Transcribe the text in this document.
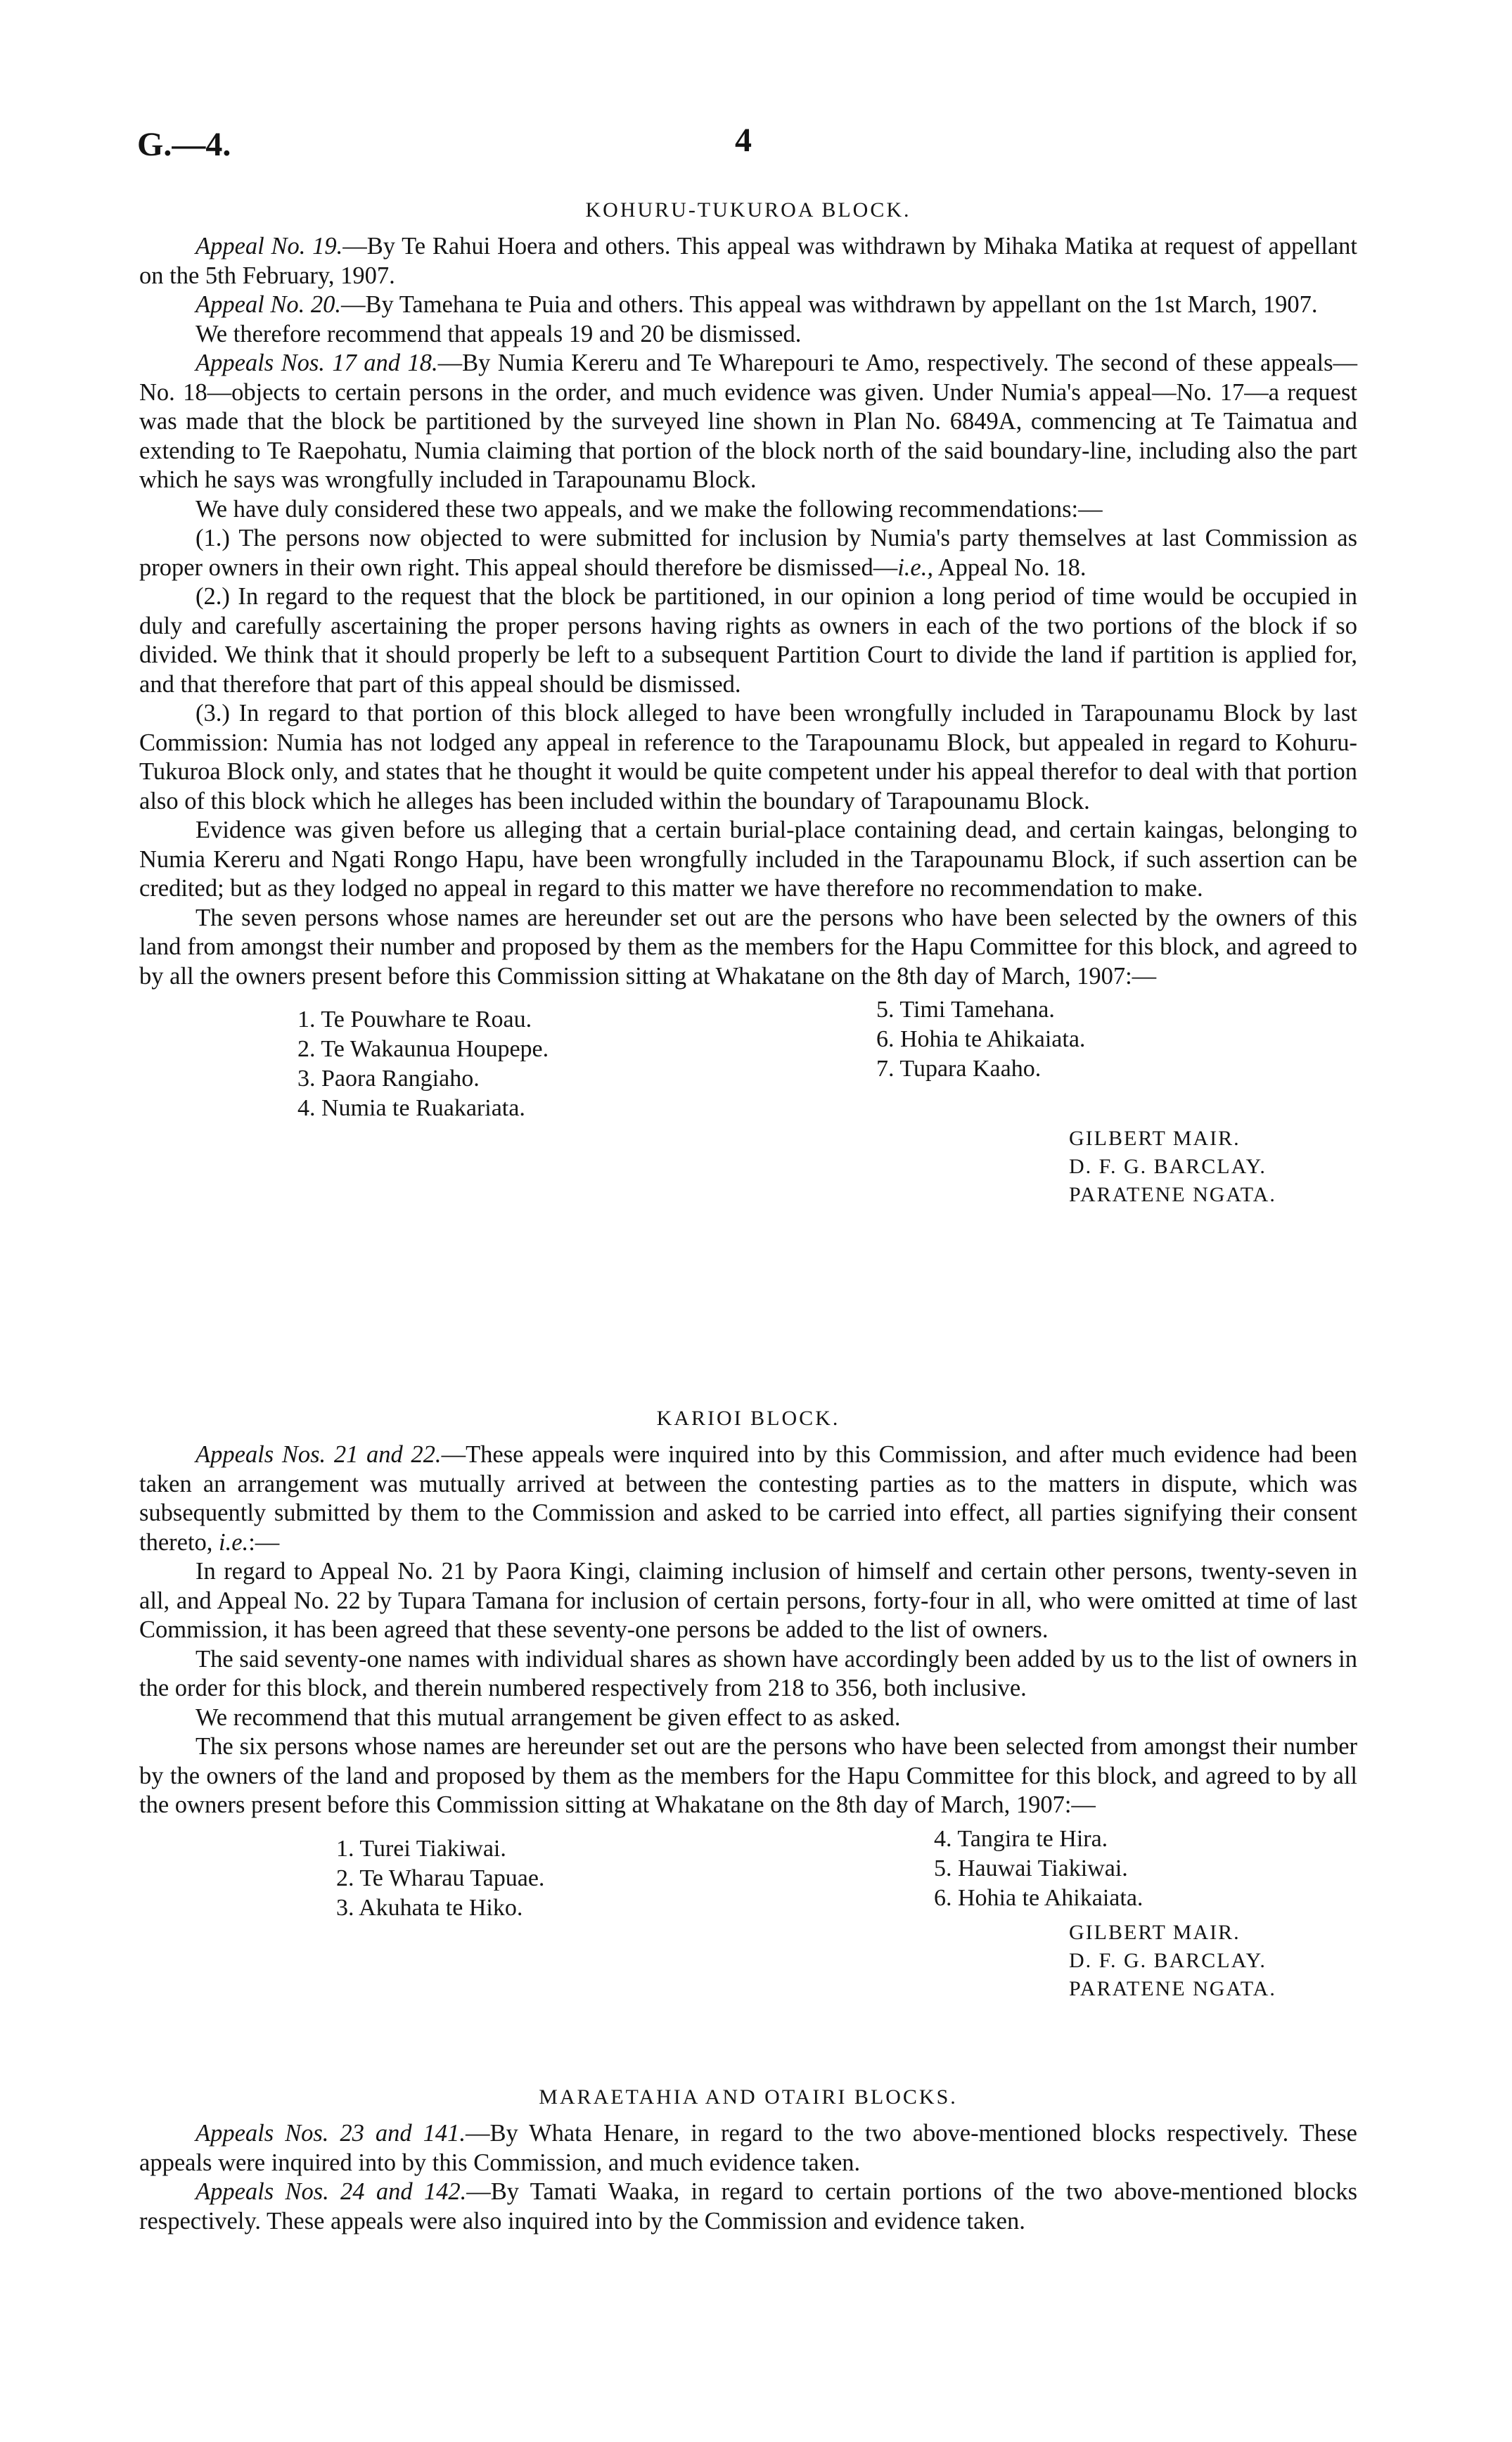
G.—4.	4
KOHURU-TUKUROA BLOCK.

Appeal No. 19.—By Te Rahui Hoera and others. This appeal was withdrawn by Mihaka Matika at request of appellant on the 5th February, 1907.

Appeal No. 20.—By Tamehana te Puia and others. This appeal was withdrawn by appellant on the 1st March, 1907.

We therefore recommend that appeals 19 and 20 be dismissed.

Appeals Nos. 17 and 18.—By Numia Kereru and Te Wharepouri te Amo, respectively. The second of these appeals—No. 18—objects to certain persons in the order, and much evidence was given. Under Numia's appeal—No. 17—a request was made that the block be partitioned by the surveyed line shown in Plan No. 6849A, commencing at Te Taimatua and extending to Te Raepohatu, Numia claiming that portion of the block north of the said boundary-line, including also the part which he says was wrongfully included in Tarapounamu Block.

We have duly considered these two appeals, and we make the following recommendations:—

(1.) The persons now objected to were submitted for inclusion by Numia's party themselves at last Commission as proper owners in their own right. This appeal should therefore be dismissed—i.e., Appeal No. 18.

(2.) In regard to the request that the block be partitioned, in our opinion a long period of time would be occupied in duly and carefully ascertaining the proper persons having rights as owners in each of the two portions of the block if so divided. We think that it should properly be left to a subsequent Partition Court to divide the land if partition is applied for, and that therefore that part of this appeal should be dismissed.

(3.) In regard to that portion of this block alleged to have been wrongfully included in Tarapounamu Block by last Commission: Numia has not lodged any appeal in reference to the Tarapounamu Block, but appealed in regard to Kohuru-Tukuroa Block only, and states that he thought it would be quite competent under his appeal therefor to deal with that portion also of this block which he alleges has been included within the boundary of Tarapounamu Block.

Evidence was given before us alleging that a certain burial-place containing dead, and certain kaingas, belonging to Numia Kereru and Ngati Rongo Hapu, have been wrongfully included in the Tarapounamu Block, if such assertion can be credited; but as they lodged no appeal in regard to this matter we have therefore no recommendation to make.

The seven persons whose names are hereunder set out are the persons who have been selected by the owners of this land from amongst their number and proposed by them as the members for the Hapu Committee for this block, and agreed to by all the owners present before this Commission sitting at Whakatane on the 8th day of March, 1907:—

1. Te Pouwhare te Roau.
2. Te Wakaunua Houpepe.
3. Paora Rangiaho.
4. Numia te Ruakariata.
5. Timi Tamehana.
6. Hohia te Ahikaiata.
7. Tupara Kaaho.
GILBERT MAIR.
D. F. G. BARCLAY.
PARATENE NGATA.
KARIOI BLOCK.

Appeals Nos. 21 and 22.—These appeals were inquired into by this Commission, and after much evidence had been taken an arrangement was mutually arrived at between the contesting parties as to the matters in dispute, which was subsequently submitted by them to the Commission and asked to be carried into effect, all parties signifying their consent thereto, i.e.:—

In regard to Appeal No. 21 by Paora Kingi, claiming inclusion of himself and certain other persons, twenty-seven in all, and Appeal No. 22 by Tupara Tamana for inclusion of certain persons, forty-four in all, who were omitted at time of last Commission, it has been agreed that these seventy-one persons be added to the list of owners.

The said seventy-one names with individual shares as shown have accordingly been added by us to the list of owners in the order for this block, and therein numbered respectively from 218 to 356, both inclusive.

We recommend that this mutual arrangement be given effect to as asked.

The six persons whose names are hereunder set out are the persons who have been selected from amongst their number by the owners of the land and proposed by them as the members for the Hapu Committee for this block, and agreed to by all the owners present before this Commission sitting at Whakatane on the 8th day of March, 1907:—

1. Turei Tiakiwai.
2. Te Wharau Tapuae.
3. Akuhata te Hiko.
4. Tangira te Hira.
5. Hauwai Tiakiwai.
6. Hohia te Ahikaiata.
GILBERT MAIR.
D. F. G. BARCLAY.
PARATENE NGATA.
MARAETAHIA AND OTAIRI BLOCKS.

Appeals Nos. 23 and 141.—By Whata Henare, in regard to the two above-mentioned blocks respectively. These appeals were inquired into by this Commission, and much evidence taken.

Appeals Nos. 24 and 142.—By Tamati Waaka, in regard to certain portions of the two above-mentioned blocks respectively. These appeals were also inquired into by the Commission and evidence taken.
